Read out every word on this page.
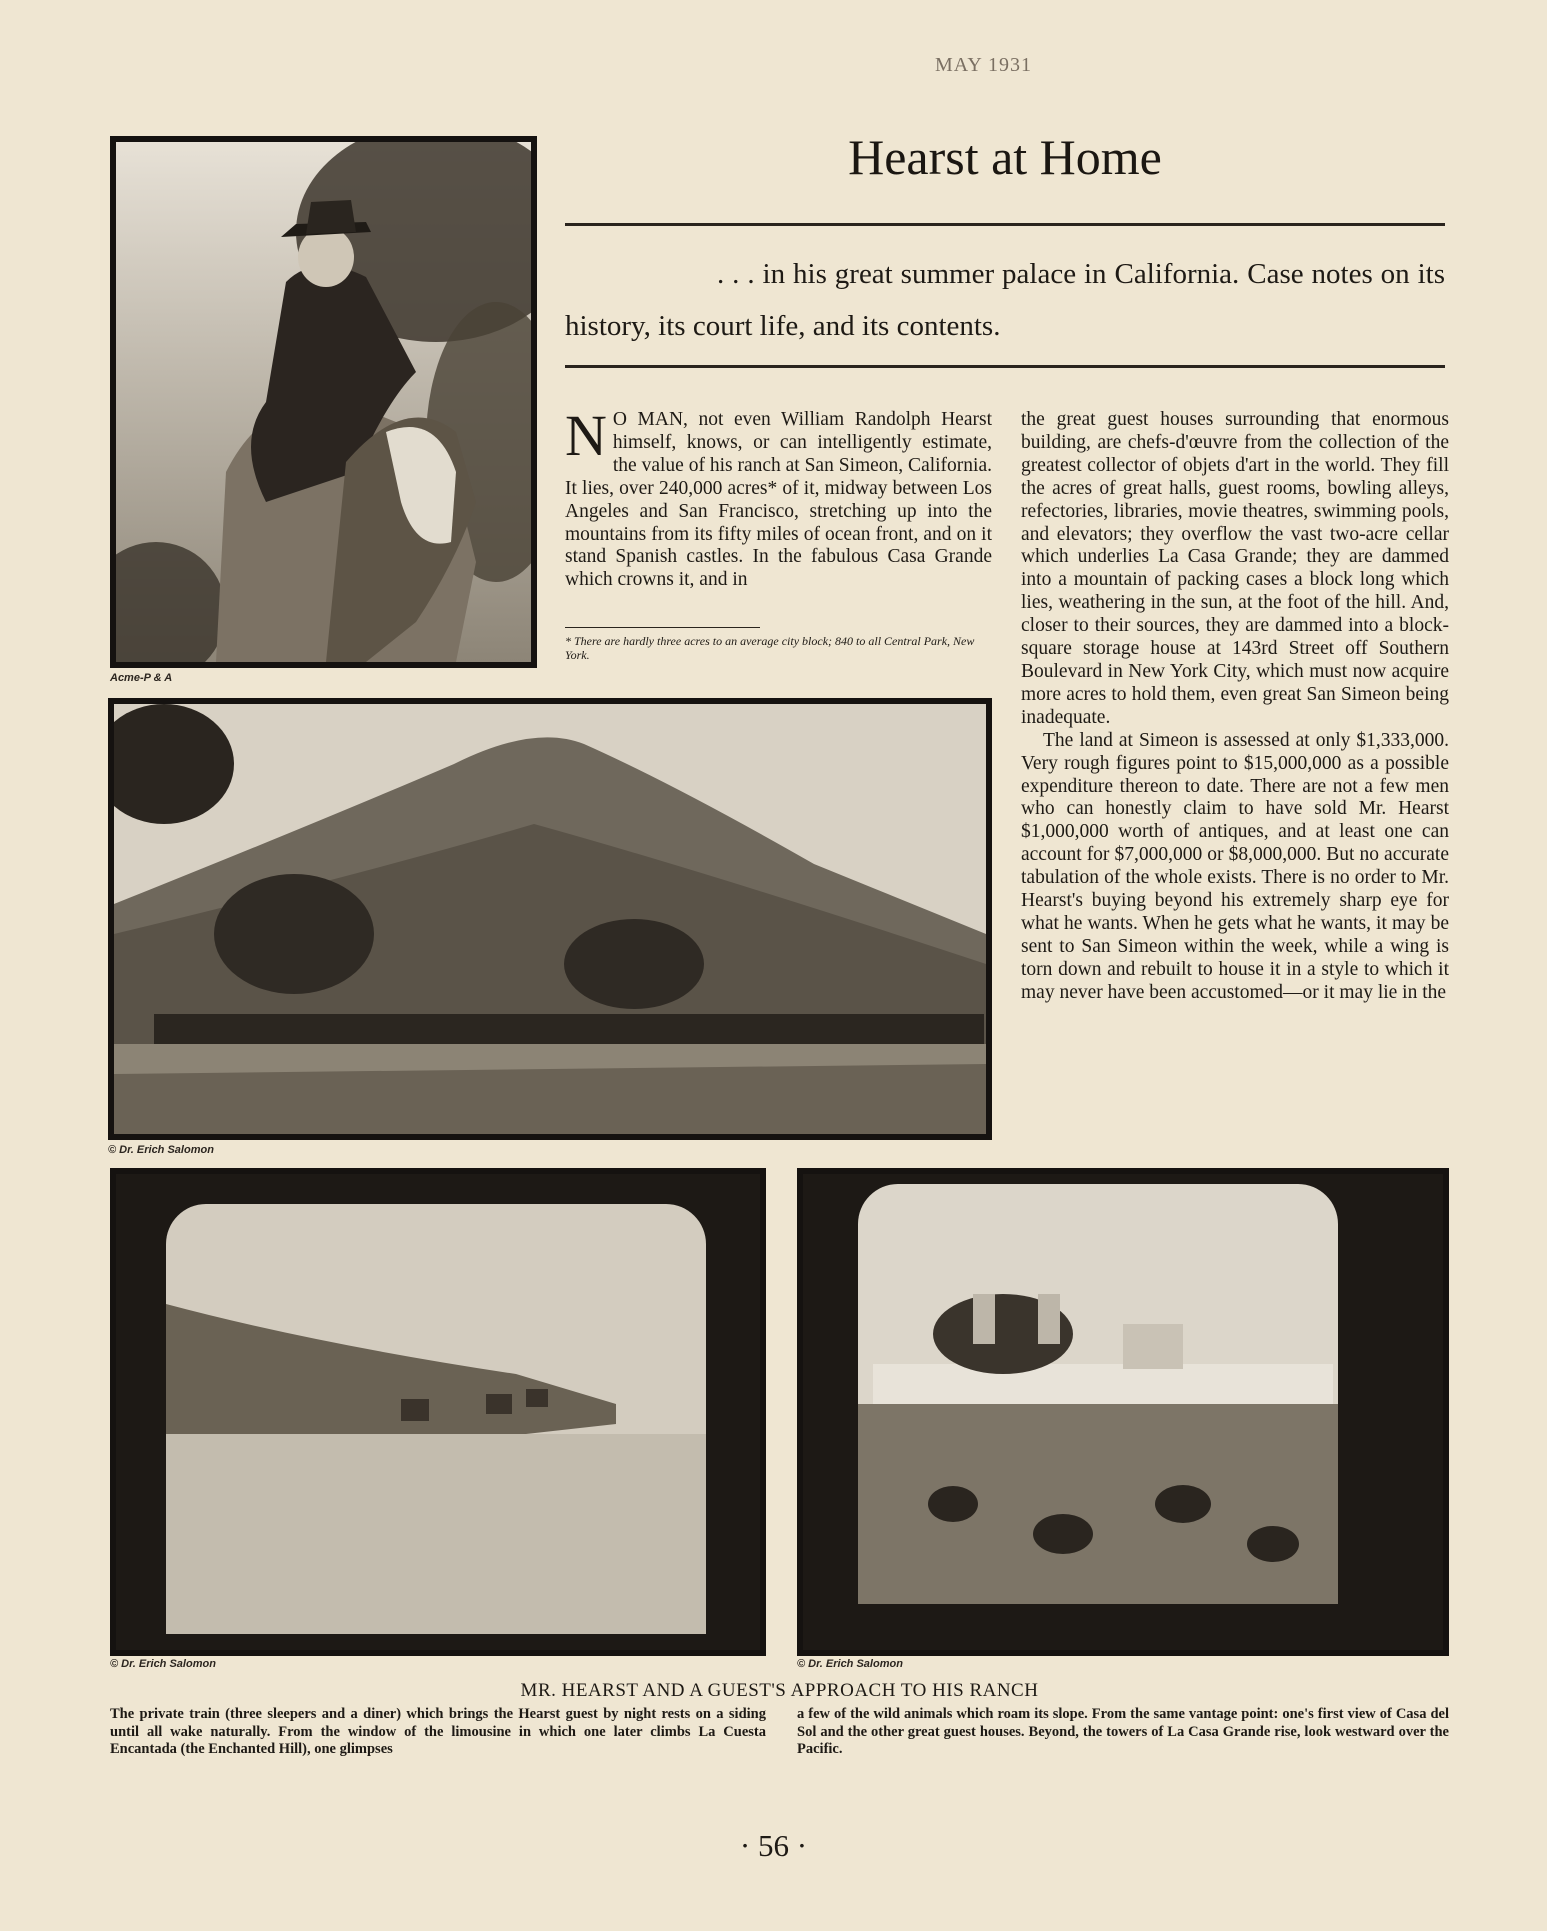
MAY 1931
Hearst at Home
. . . in his great summer palace in California. Case notes on its history, its court life, and its contents.
Acme-P & A
N O MAN, not even William Randolph Hearst himself, knows, or can intelligently estimate, the value of his ranch at San Simeon, California. It lies, over 240,000 acres* of it, midway between Los Angeles and San Francisco, stretching up into the mountains from its fifty miles of ocean front, and on it stand Spanish castles. In the fabulous Casa Grande which crowns it, and in
* There are hardly three acres to an average city block; 840 to all Central Park, New York.
the great guest houses surrounding that enormous building, are chefs-d'œuvre from the collection of the greatest collector of objets d'art in the world. They fill the acres of great halls, guest rooms, bowling alleys, refectories, libraries, movie theatres, swimming pools, and elevators; they overflow the vast two-acre cellar which underlies La Casa Grande; they are dammed into a mountain of packing cases a block long which lies, weathering in the sun, at the foot of the hill. And, closer to their sources, they are dammed into a block-square storage house at 143rd Street off Southern Boulevard in New York City, which must now acquire more acres to hold them, even great San Simeon being inadequate.
The land at Simeon is assessed at only $1,333,000. Very rough figures point to $15,000,000 as a possible expenditure thereon to date. There are not a few men who can honestly claim to have sold Mr. Hearst $1,000,000 worth of antiques, and at least one can account for $7,000,000 or $8,000,000. But no accurate tabulation of the whole exists. There is no order to Mr. Hearst's buying beyond his extremely sharp eye for what he wants. When he gets what he wants, it may be sent to San Simeon within the week, while a wing is torn down and rebuilt to house it in a style to which it may never have been accustomed—or it may lie in the
© Dr. Erich Salomon
© Dr. Erich Salomon	© Dr. Erich Salomon
MR. HEARST AND A GUEST'S APPROACH TO HIS RANCH
The private train (three sleepers and a diner) which brings the Hearst guest by night rests on a siding until all wake naturally. From the window of the limousine in which one later climbs La Cuesta Encantada (the Enchanted Hill), one glimpses
a few of the wild animals which roam its slope. From the same vantage point: one's first view of Casa del Sol and the other great guest houses. Beyond, the towers of La Casa Grande rise, look westward over the Pacific.
· 56 ·
